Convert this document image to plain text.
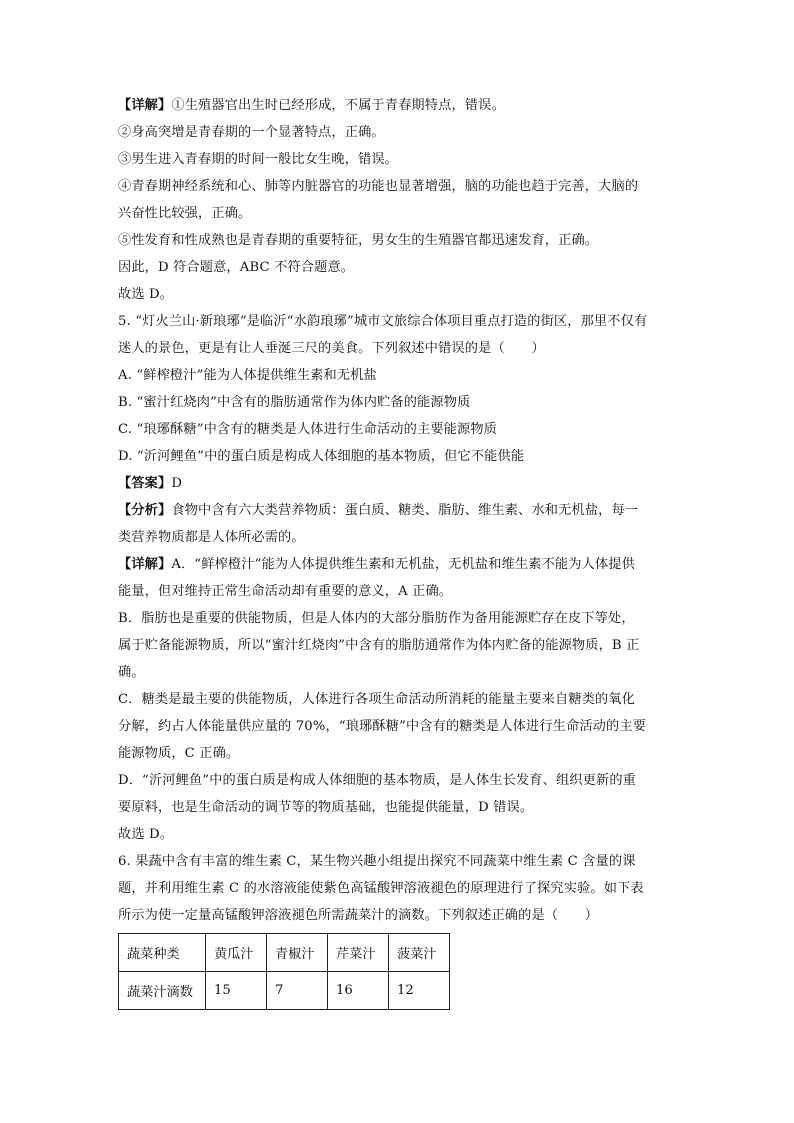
【详解】①生殖器官出生时已经形成，不属于青春期特点，错误。
②身高突增是青春期的一个显著特点，正确。
③男生进入青春期的时间一般比女生晚，错误。
④青春期神经系统和心、肺等内脏器官的功能也显著增强，脑的功能也趋于完善，大脑的
兴奋性比较强，正确。
⑤性发育和性成熟也是青春期的重要特征，男女生的生殖器官都迅速发育，正确。
因此，D 符合题意，ABC 不符合题意。
故选 D。
5. “灯火兰山·新琅琊”是临沂“水韵琅琊”城市文旅综合体项目重点打造的街区，那里不仅有
迷人的景色，更是有让人垂涎三尺的美食。下列叙述中错误的是（　　）
A. “鲜榨橙汁”能为人体提供维生素和无机盐
B. “蜜汁红烧肉”中含有的脂肪通常作为体内贮备的能源物质
C. “琅琊酥糖”中含有的糖类是人体进行生命活动的主要能源物质
D. “沂河鲤鱼”中的蛋白质是构成人体细胞的基本物质，但它不能供能
【答案】D
【分析】食物中含有六大类营养物质：蛋白质、糖类、脂肪、维生素、水和无机盐，每一
类营养物质都是人体所必需的。
【详解】A．“鲜榨橙汁”能为人体提供维生素和无机盐，无机盐和维生素不能为人体提供
能量，但对维持正常生命活动却有重要的意义，A 正确。
B．脂肪也是重要的供能物质，但是人体内的大部分脂肪作为备用能源贮存在皮下等处，
属于贮备能源物质，所以“蜜汁红烧肉”中含有的脂肪通常作为体内贮备的能源物质，B 正
确。
C．糖类是最主要的供能物质，人体进行各项生命活动所消耗的能量主要来自糖类的氧化
分解，约占人体能量供应量的 70%，“琅琊酥糖”中含有的糖类是人体进行生命活动的主要
能源物质，C 正确。
D．“沂河鲤鱼”中的蛋白质是构成人体细胞的基本物质，是人体生长发育、组织更新的重
要原料，也是生命活动的调节等的物质基础，也能提供能量，D 错误。
故选 D。
6. 果蔬中含有丰富的维生素 C，某生物兴趣小组提出探究不同蔬菜中维生素 C 含量的课
题，并利用维生素 C 的水溶液能使紫色高锰酸钾溶液褪色的原理进行了探究实验。如下表
所示为使一定量高锰酸钾溶液褪色所需蔬菜汁的滴数。下列叙述正确的是（　　）
蔬菜种类	黄瓜汁	青椒汁	芹菜汁	菠菜汁
蔬菜汁滴数	15	7	16	12
